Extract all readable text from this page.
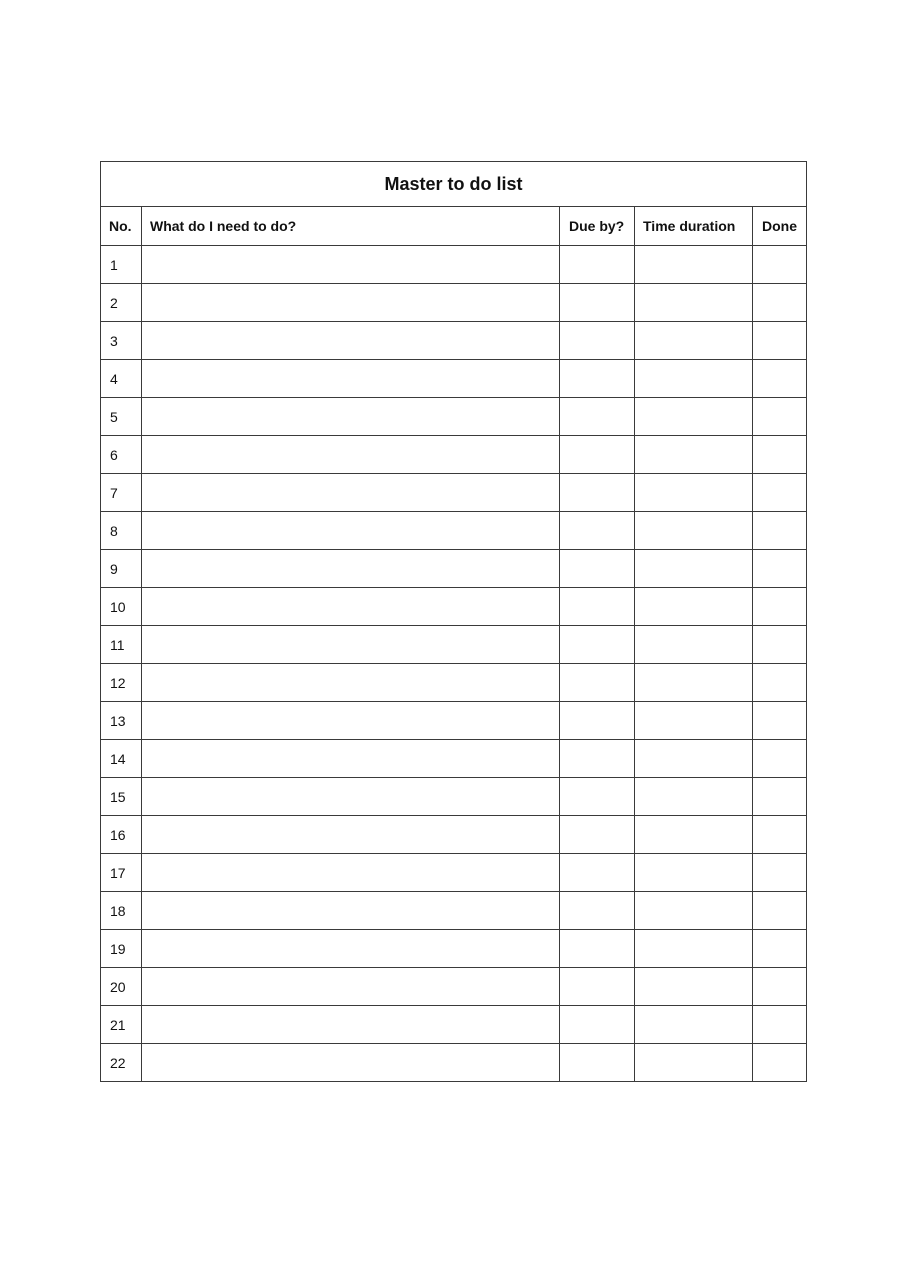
Master to do list				
No.	What do I need to do?	Due by?	Time duration	Done
1				
2				
3				
4				
5				
6				
7				
8				
9				
10				
11				
12				
13				
14				
15				
16				
17				
18				
19				
20				
21				
22				
